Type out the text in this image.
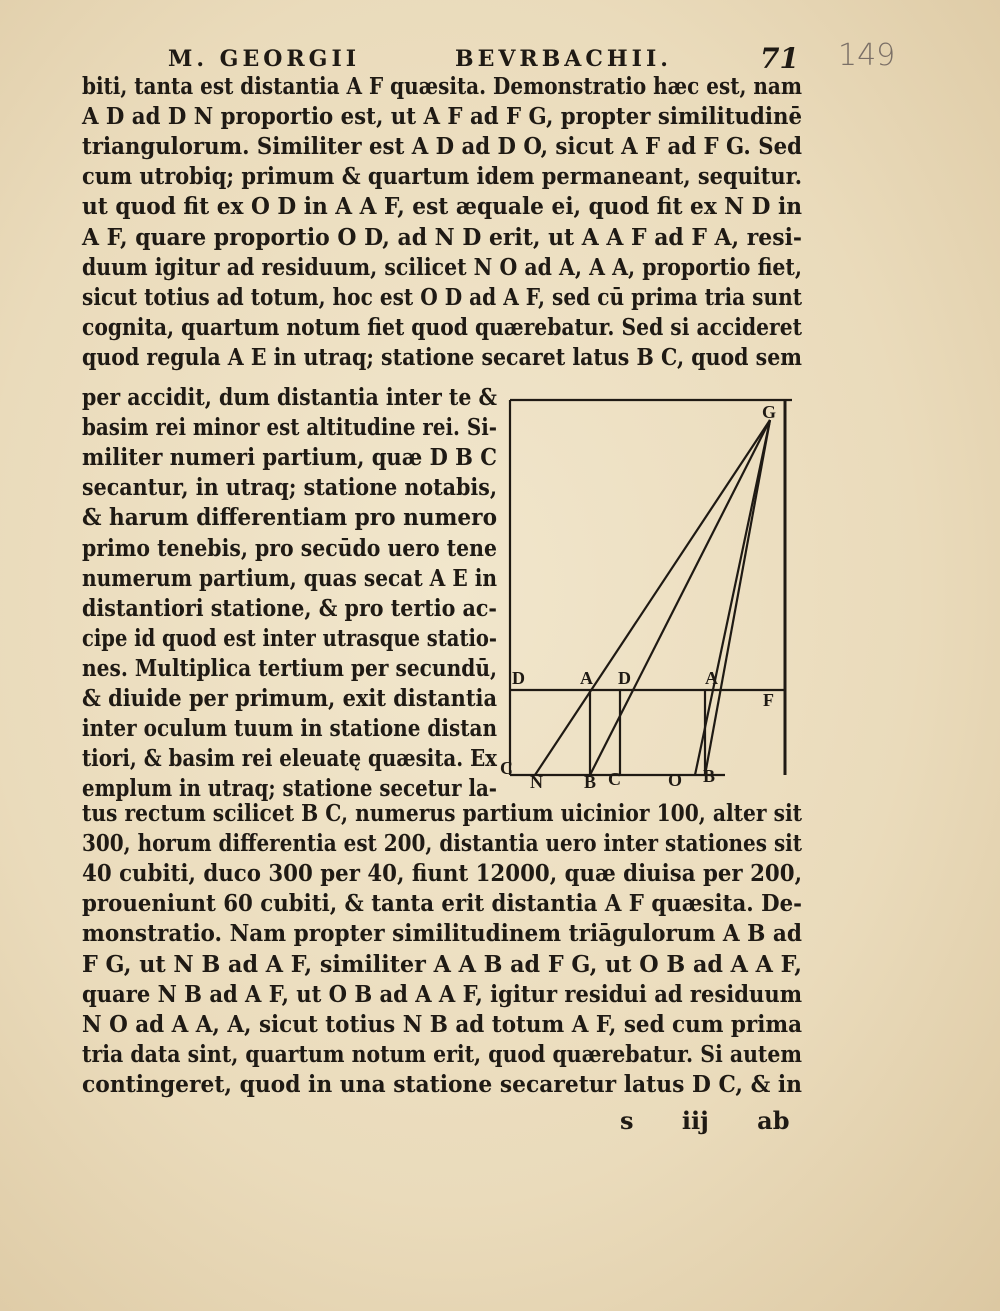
M. GEORGII	BEVRBACHII.	71 149
biti, tanta est distantia A F quæsita. Demonstratio hæc est, nam
A D ad D N proportio est, ut A F ad F G, propter similitudinē
triangulorum. Similiter est A D ad D O, sicut A F ad F G. Sed
cum utrobiq; primum & quartum idem permaneant, sequitur.
ut quod fit ex O D in A A F, est æquale ei, quod fit ex N D in
A F, quare proportio O D, ad N D erit, ut A A F ad F A, resi-
duum igitur ad residuum, scilicet N O ad A, A A, proportio fiet,
sicut totius ad totum, hoc est O D ad A F, sed cū prima tria sunt
cognita, quartum notum fiet quod quærebatur. Sed si accideret
quod regula A E in utraq; statione secaret latus B C, quod sem
per accidit, dum distantia inter te &
basim rei minor est altitudine rei. Si-
militer numeri partium, quæ D B C
secantur, in utraq; statione notabis,
& harum differentiam pro numero
primo tenebis, pro secūdo uero tene
numerum partium, quas secat A E in
distantiori statione, & pro tertio ac-
cipe id quod est inter utrasque statio-
nes. Multiplica tertium per secundū,
& diuide per primum, exit distantia
inter oculum tuum in statione distan
tiori, & basim rei eleuatę quæsita. Ex
emplum in utraq; statione secetur la-
tus rectum scilicet B C, numerus partium uicinior 100, alter sit
300, horum differentia est 200, distantia uero inter stationes sit
40 cubiti, duco 300 per 40, fiunt 12000, quæ diuisa per 200,
proueniunt 60 cubiti, & tanta erit distantia A F quæsita. De-
monstratio. Nam propter similitudinem triāgulorum A B ad
F G, ut N B ad A F, similiter A A B ad F G, ut O B ad A A F,
quare N B ad A F, ut O B ad A A F, igitur residui ad residuum
N O ad A A, A, sicut totius N B ad totum A F, sed cum prima
tria data sint, quartum notum erit, quod quærebatur. Si autem
contingeret, quod in una statione secaretur latus D C, & in
G
D	A D	A
F
C
N B C	O B
s iij ab
